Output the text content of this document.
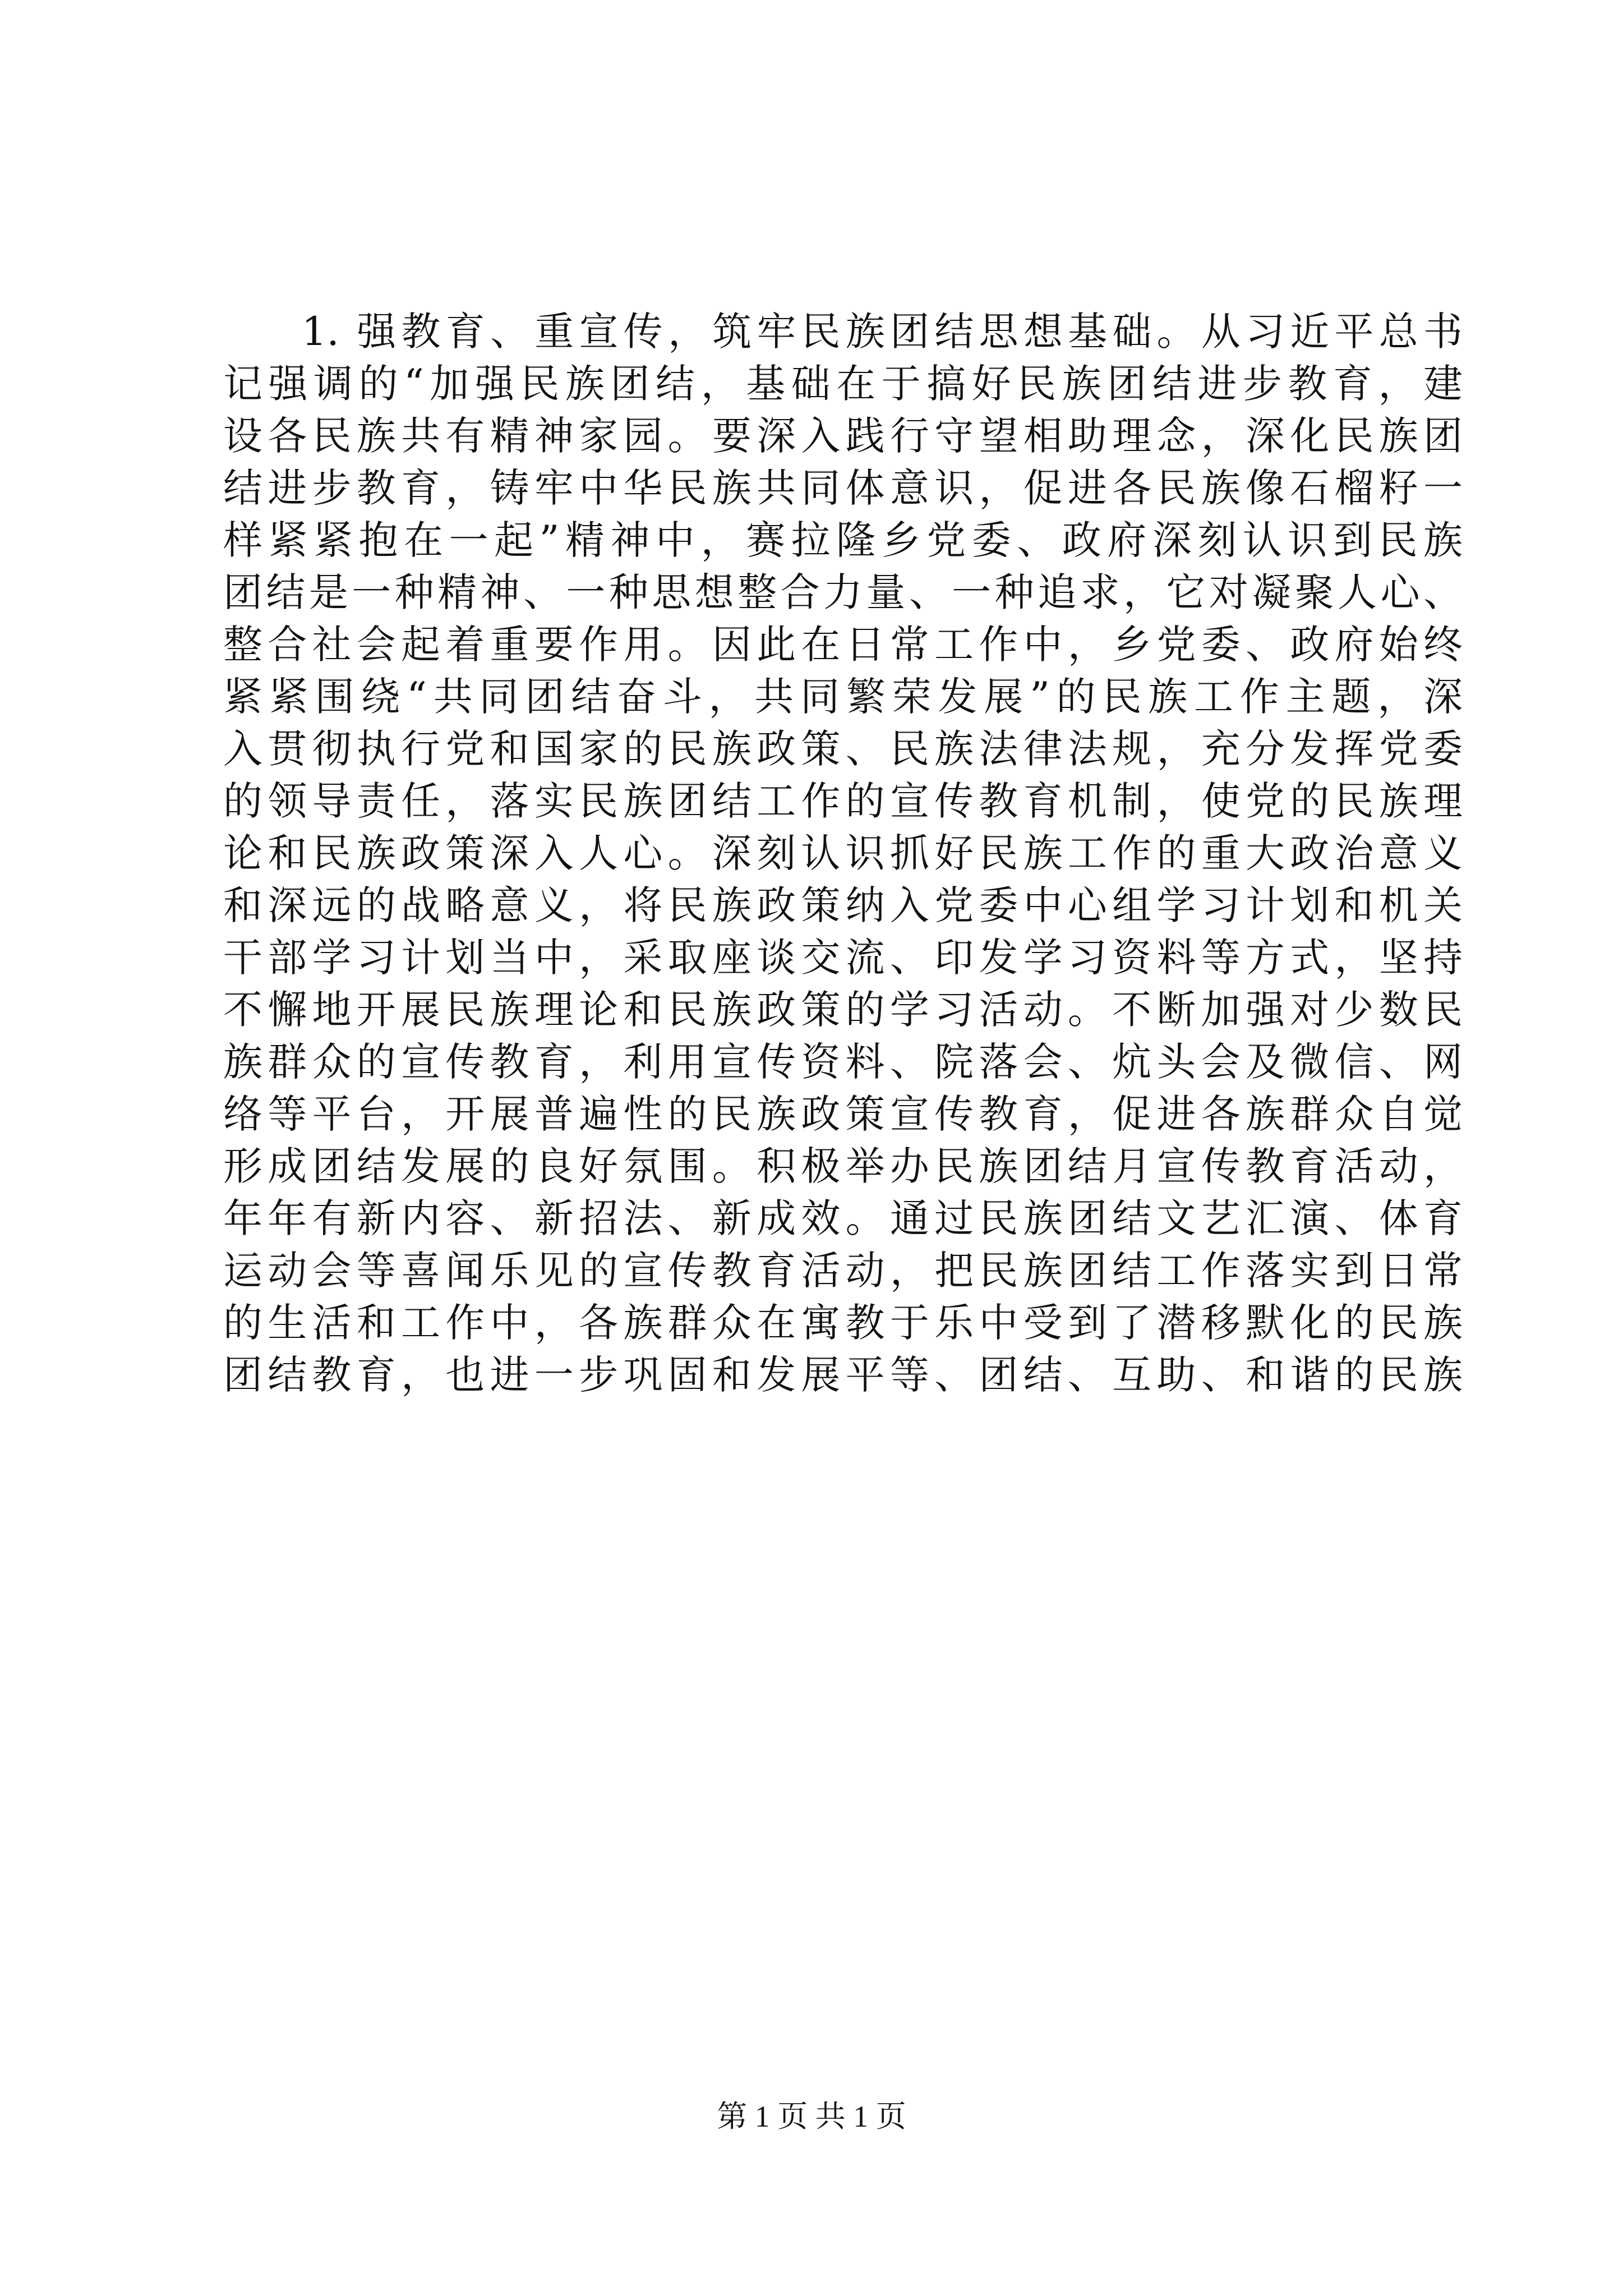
1. 强教育、重宣传，筑牢民族团结思想基础。从习近平总书
记强调的“加强民族团结，基础在于搞好民族团结进步教育，建
设各民族共有精神家园。要深入践行守望相助理念，深化民族团
结进步教育，铸牢中华民族共同体意识，促进各民族像石榴籽一
样紧紧抱在一起”精神中，赛拉隆乡党委、政府深刻认识到民族
团结是一种精神、一种思想整合力量、一种追求，它对凝聚人心、
整合社会起着重要作用。因此在日常工作中，乡党委、政府始终
紧紧围绕“共同团结奋斗，共同繁荣发展”的民族工作主题，深
入贯彻执行党和国家的民族政策、民族法律法规，充分发挥党委
的领导责任，落实民族团结工作的宣传教育机制，使党的民族理
论和民族政策深入人心。深刻认识抓好民族工作的重大政治意义
和深远的战略意义，将民族政策纳入党委中心组学习计划和机关
干部学习计划当中，采取座谈交流、印发学习资料等方式，坚持
不懈地开展民族理论和民族政策的学习活动。不断加强对少数民
族群众的宣传教育，利用宣传资料、院落会、炕头会及微信、网
络等平台，开展普遍性的民族政策宣传教育，促进各族群众自觉
形成团结发展的良好氛围。积极举办民族团结月宣传教育活动，
年年有新内容、新招法、新成效。通过民族团结文艺汇演、体育
运动会等喜闻乐见的宣传教育活动，把民族团结工作落实到日常
的生活和工作中，各族群众在寓教于乐中受到了潜移默化的民族
团结教育，也进一步巩固和发展平等、团结、互助、和谐的民族
第 1 页 共 1 页
